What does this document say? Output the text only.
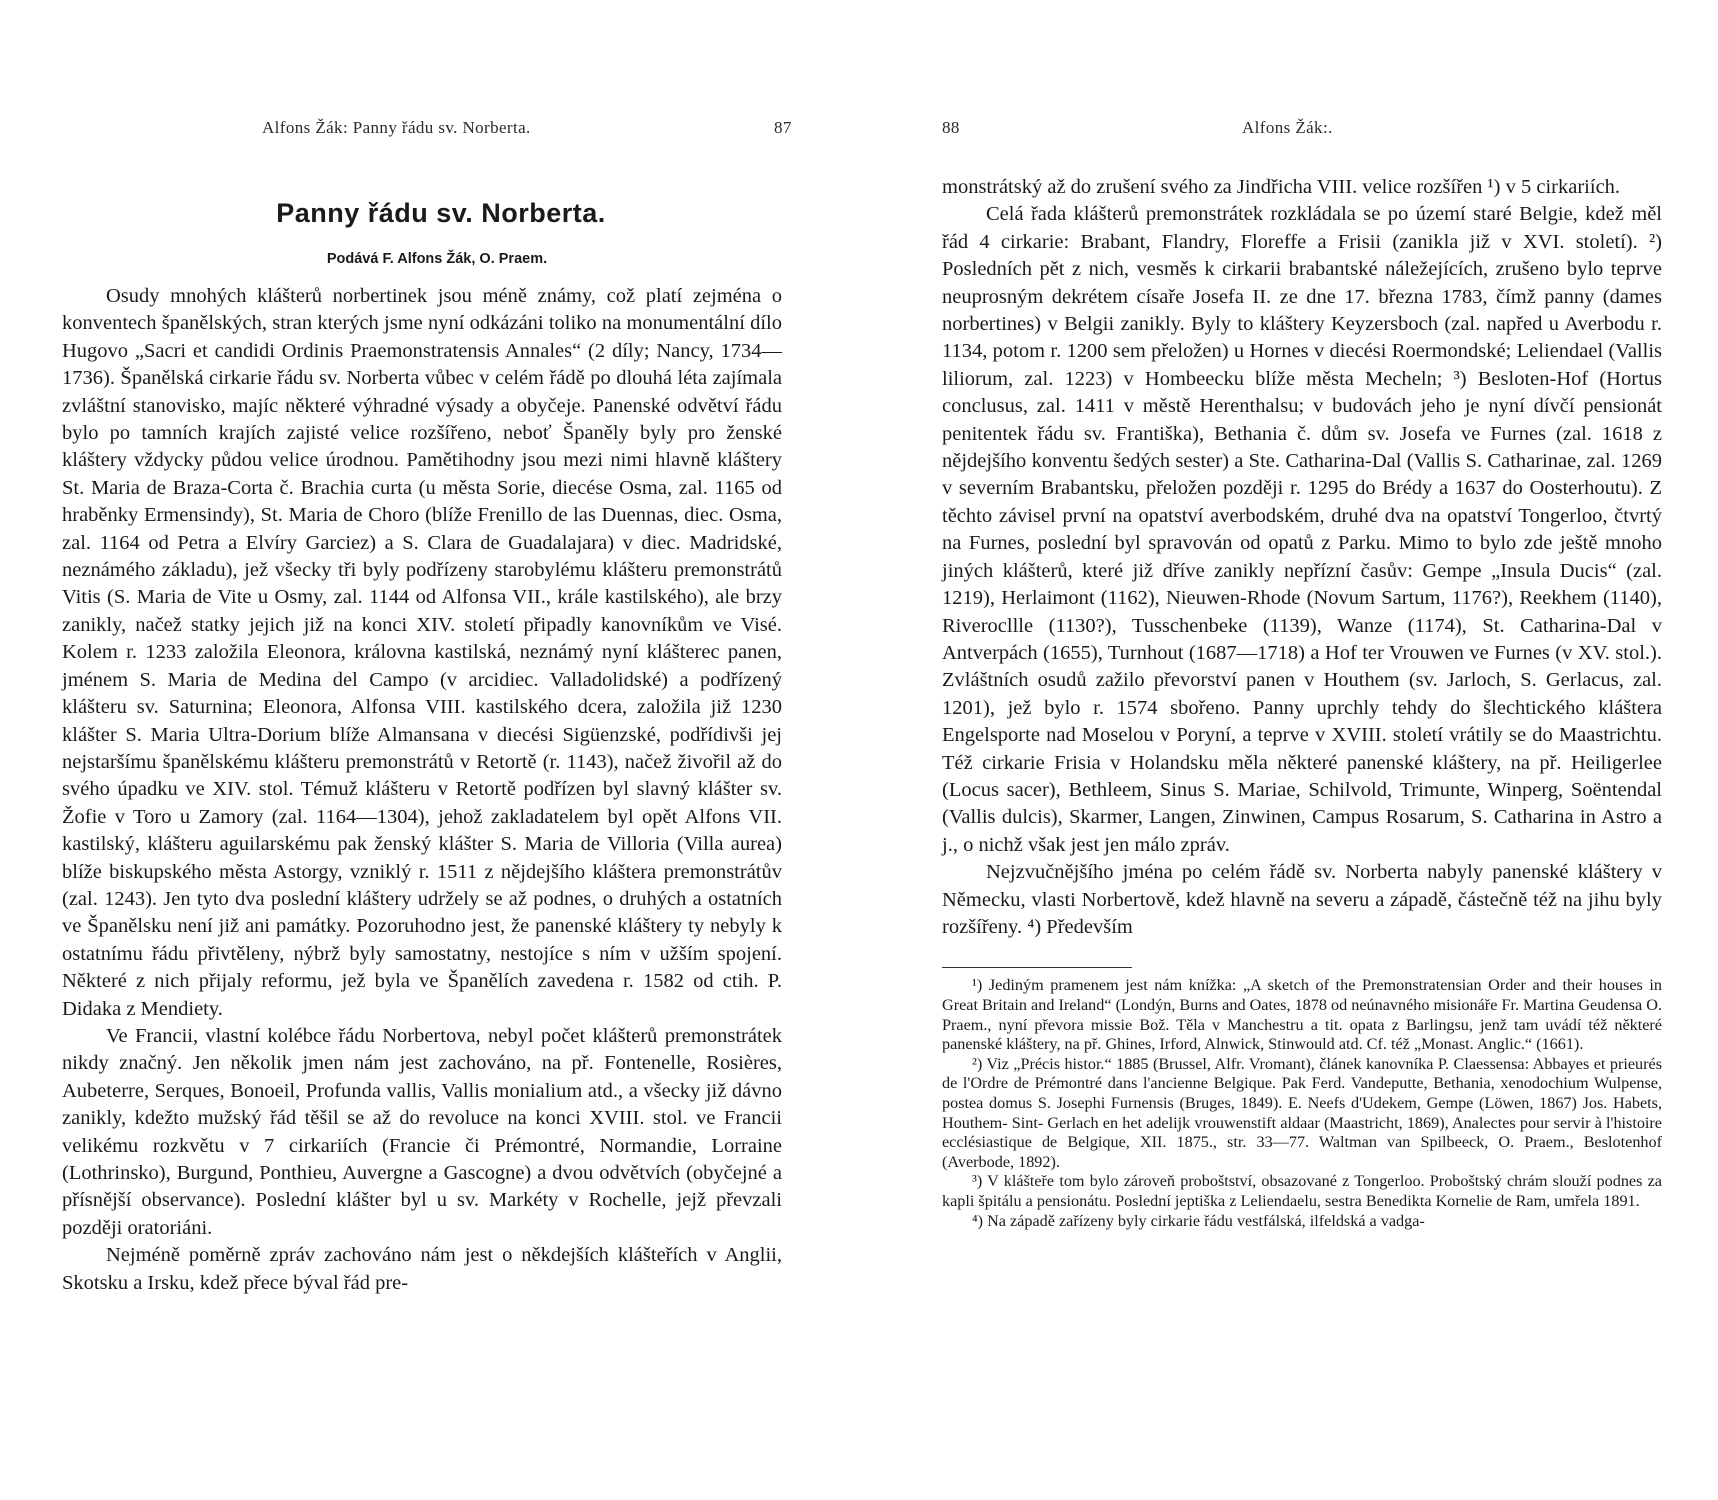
Alfons Žák: Panny řádu sv. Norberta.	87
Panny řádu sv. Norberta.
Podává F. Alfons Žák, O. Praem.

Osudy mnohých klášterů norbertinek jsou méně známy, což platí zejména o konventech španělských, stran kterých jsme nyní odkázáni toliko na monumentální dílo Hugovo „Sacri et candidi Ordinis Praemonstratensis Annales“ (2 díly; Nancy, 1734—1736). Španělská cirkarie řádu sv. Norberta vůbec v celém řádě po dlouhá léta zajímala zvláštní stanovisko, majíc některé výhradné výsady a obyčeje. Panenské odvětví řádu bylo po tamních krajích zajisté velice rozšířeno, neboť Španěly byly pro ženské kláštery vždycky půdou velice úrodnou. Pamětihodny jsou mezi nimi hlavně kláštery St. Maria de Braza-Corta č. Brachia curta (u města Sorie, diecése Osma, zal. 1165 od hraběnky Ermensindy), St. Maria de Choro (blíže Frenillo de las Duennas, diec. Osma, zal. 1164 od Petra a Elvíry Garciez) a S. Clara de Guadalajara) v diec. Madridské, neznámého základu), jež všecky tři byly podřízeny starobylému klášteru premonstrátů Vitis (S. Maria de Vite u Osmy, zal. 1144 od Alfonsa VII., krále kastilského), ale brzy zanikly, načež statky jejich již na konci XIV. století připadly kanovníkům ve Visé. Kolem r. 1233 založila Eleonora, královna kastilská, neznámý nyní klášterec panen, jménem S. Maria de Medina del Campo (v arcidiec. Valladolidské) a podřízený klášteru sv. Saturnina; Eleonora, Alfonsa VIII. kastilského dcera, založila již 1230 klášter S. Maria Ultra-Dorium blíže Almansana v diecési Sigüenzské, podřídivši jej nejstaršímu španělskému klášteru premonstrátů v Retortě (r. 1143), načež živořil až do svého úpadku ve XIV. stol. Témuž klášteru v Retortě podřízen byl slavný klášter sv. Žofie v Toro u Zamory (zal. 1164—1304), jehož zakladatelem byl opět Alfons VII. kastilský, klášteru aguilarskému pak ženský klášter S. Maria de Villoria (Villa aurea) blíže biskupského města Astorgy, vzniklý r. 1511 z nějdejšího kláštera premonstrátův (zal. 1243). Jen tyto dva poslední kláštery udržely se až podnes, o druhých a ostatních ve Španělsku není již ani památky. Pozoruhodno jest, že panenské kláštery ty nebyly k ostatnímu řádu přivtěleny, nýbrž byly samostatny, nestojíce s ním v užším spojení. Některé z nich přijaly reformu, jež byla ve Španělích zavedena r. 1582 od ctih. P. Didaka z Mendiety.

Ve Francii, vlastní kolébce řádu Norbertova, nebyl počet klášterů premonstrátek nikdy značný. Jen několik jmen nám jest zachováno, na př. Fontenelle, Rosières, Aubeterre, Serques, Bonoeil, Profunda vallis, Vallis monialium atd., a všecky již dávno zanikly, kdežto mužský řád těšil se až do revoluce na konci XVIII. stol. ve Francii velikému rozkvětu v 7 cirkariích (Francie či Prémontré, Normandie, Lorraine (Lothrinsko), Burgund, Ponthieu, Auvergne a Gascogne) a dvou odvětvích (obyčejné a přísnější observance). Poslední klášter byl u sv. Markéty v Rochelle, jejž převzali později oratoriáni.

Nejméně poměrně zpráv zachováno nám jest o někdejších klášteřích v Anglii, Skotsku a Irsku, kdež přece býval řád pre-

88	Alfons Žák:.

monstrátský až do zrušení svého za Jindřicha VIII. velice rozšířen ¹) v 5 cirkariích.

Celá řada klášterů premonstrátek rozkládala se po území staré Belgie, kdež měl řád 4 cirkarie: Brabant, Flandry, Floreffe a Frisii (zanikla již v XVI. století). ²) Posledních pět z nich, vesměs k cirkarii brabantské náležejících, zrušeno bylo teprve neuprosným dekrétem císaře Josefa II. ze dne 17. března 1783, čímž panny (dames norbertines) v Belgii zanikly. Byly to kláštery Keyzersboch (zal. napřed u Averbodu r. 1134, potom r. 1200 sem přeložen) u Hornes v diecési Roermondské; Leliendael (Vallis liliorum, zal. 1223) v Hombeecku blíže města Mecheln; ³) Besloten-Hof (Hortus conclusus, zal. 1411 v městě Herenthalsu; v budovách jeho je nyní dívčí pensionát penitentek řádu sv. Františka), Bethania č. dům sv. Josefa ve Furnes (zal. 1618 z nějdejšího konventu šedých sester) a Ste. Catharina-Dal (Vallis S. Catharinae, zal. 1269 v severním Brabantsku, přeložen později r. 1295 do Brédy a 1637 do Oosterhoutu). Z těchto závisel první na opatství averbodském, druhé dva na opatství Tongerloo, čtvrtý na Furnes, poslední byl spravován od opatů z Parku. Mimo to bylo zde ještě mnoho jiných klášterů, které již dříve zanikly nepřízní časův: Gempe „Insula Ducis“ (zal. 1219), Herlaimont (1162), Nieuwen-Rhode (Novum Sartum, 1176?), Reekhem (1140), Riverocllle (1130?), Tusschenbeke (1139), Wanze (1174), St. Catharina-Dal v Antverpách (1655), Turnhout (1687—1718) a Hof ter Vrouwen ve Furnes (v XV. stol.). Zvláštních osudů zažilo převorství panen v Houthem (sv. Jarloch, S. Gerlacus, zal. 1201), jež bylo r. 1574 sbořeno. Panny uprchly tehdy do šlechtického kláštera Engelsporte nad Moselou v Poryní, a teprve v XVIII. století vrátily se do Maastrichtu. Též cirkarie Frisia v Holandsku měla některé panenské kláštery, na př. Heiligerlee (Locus sacer), Bethleem, Sinus S. Mariae, Schilvold, Trimunte, Winperg, Soëntendal (Vallis dulcis), Skarmer, Langen, Zinwinen, Campus Rosarum, S. Catharina in Astro a j., o nichž však jest jen málo zpráv.

Nejzvučnějšího jména po celém řádě sv. Norberta nabyly panenské kláštery v Německu, vlasti Norbertově, kdež hlavně na severu a západě, částečně též na jihu byly rozšířeny. ⁴) Především

¹) Jediným pramenem jest nám knížka: „A sketch of the Premonstratensian Order and their houses in Great Britain and Ireland“ (Londýn, Burns and Oates, 1878 od neúnavného misionáře Fr. Martina Geudensa O. Praem., nyní převora missie Bož. Těla v Manchestru a tit. opata z Barlingsu, jenž tam uvádí též některé panenské kláštery, na př. Ghines, Irford, Alnwick, Stinwould atd. Cf. též „Monast. Anglic.“ (1661).

²) Viz „Précis histor.“ 1885 (Brussel, Alfr. Vromant), článek kanovníka P. Claessensa: Abbayes et prieurés de l'Ordre de Prémontré dans l'ancienne Belgique. Pak Ferd. Vandeputte, Bethania, xenodochium Wulpense, postea domus S. Josephi Furnensis (Bruges, 1849). E. Neefs d'Udekem, Gempe (Löwen, 1867) Jos. Habets, Houthem- Sint- Gerlach en het adelijk vrouwenstift aldaar (Maastricht, 1869), Analectes pour servir à l'histoire ecclésiastique de Belgique, XII. 1875., str. 33—77. Waltman van Spilbeeck, O. Praem., Beslotenhof (Averbode, 1892).

³) V klášteře tom bylo zároveň proboštství, obsazované z Tongerloo. Proboštský chrám slouží podnes za kapli špitálu a pensionátu. Poslední jeptiška z Leliendaelu, sestra Benedikta Kornelie de Ram, umřela 1891.

⁴) Na západě zařízeny byly cirkarie řádu vestfálská, ilfeldská a vadga-
